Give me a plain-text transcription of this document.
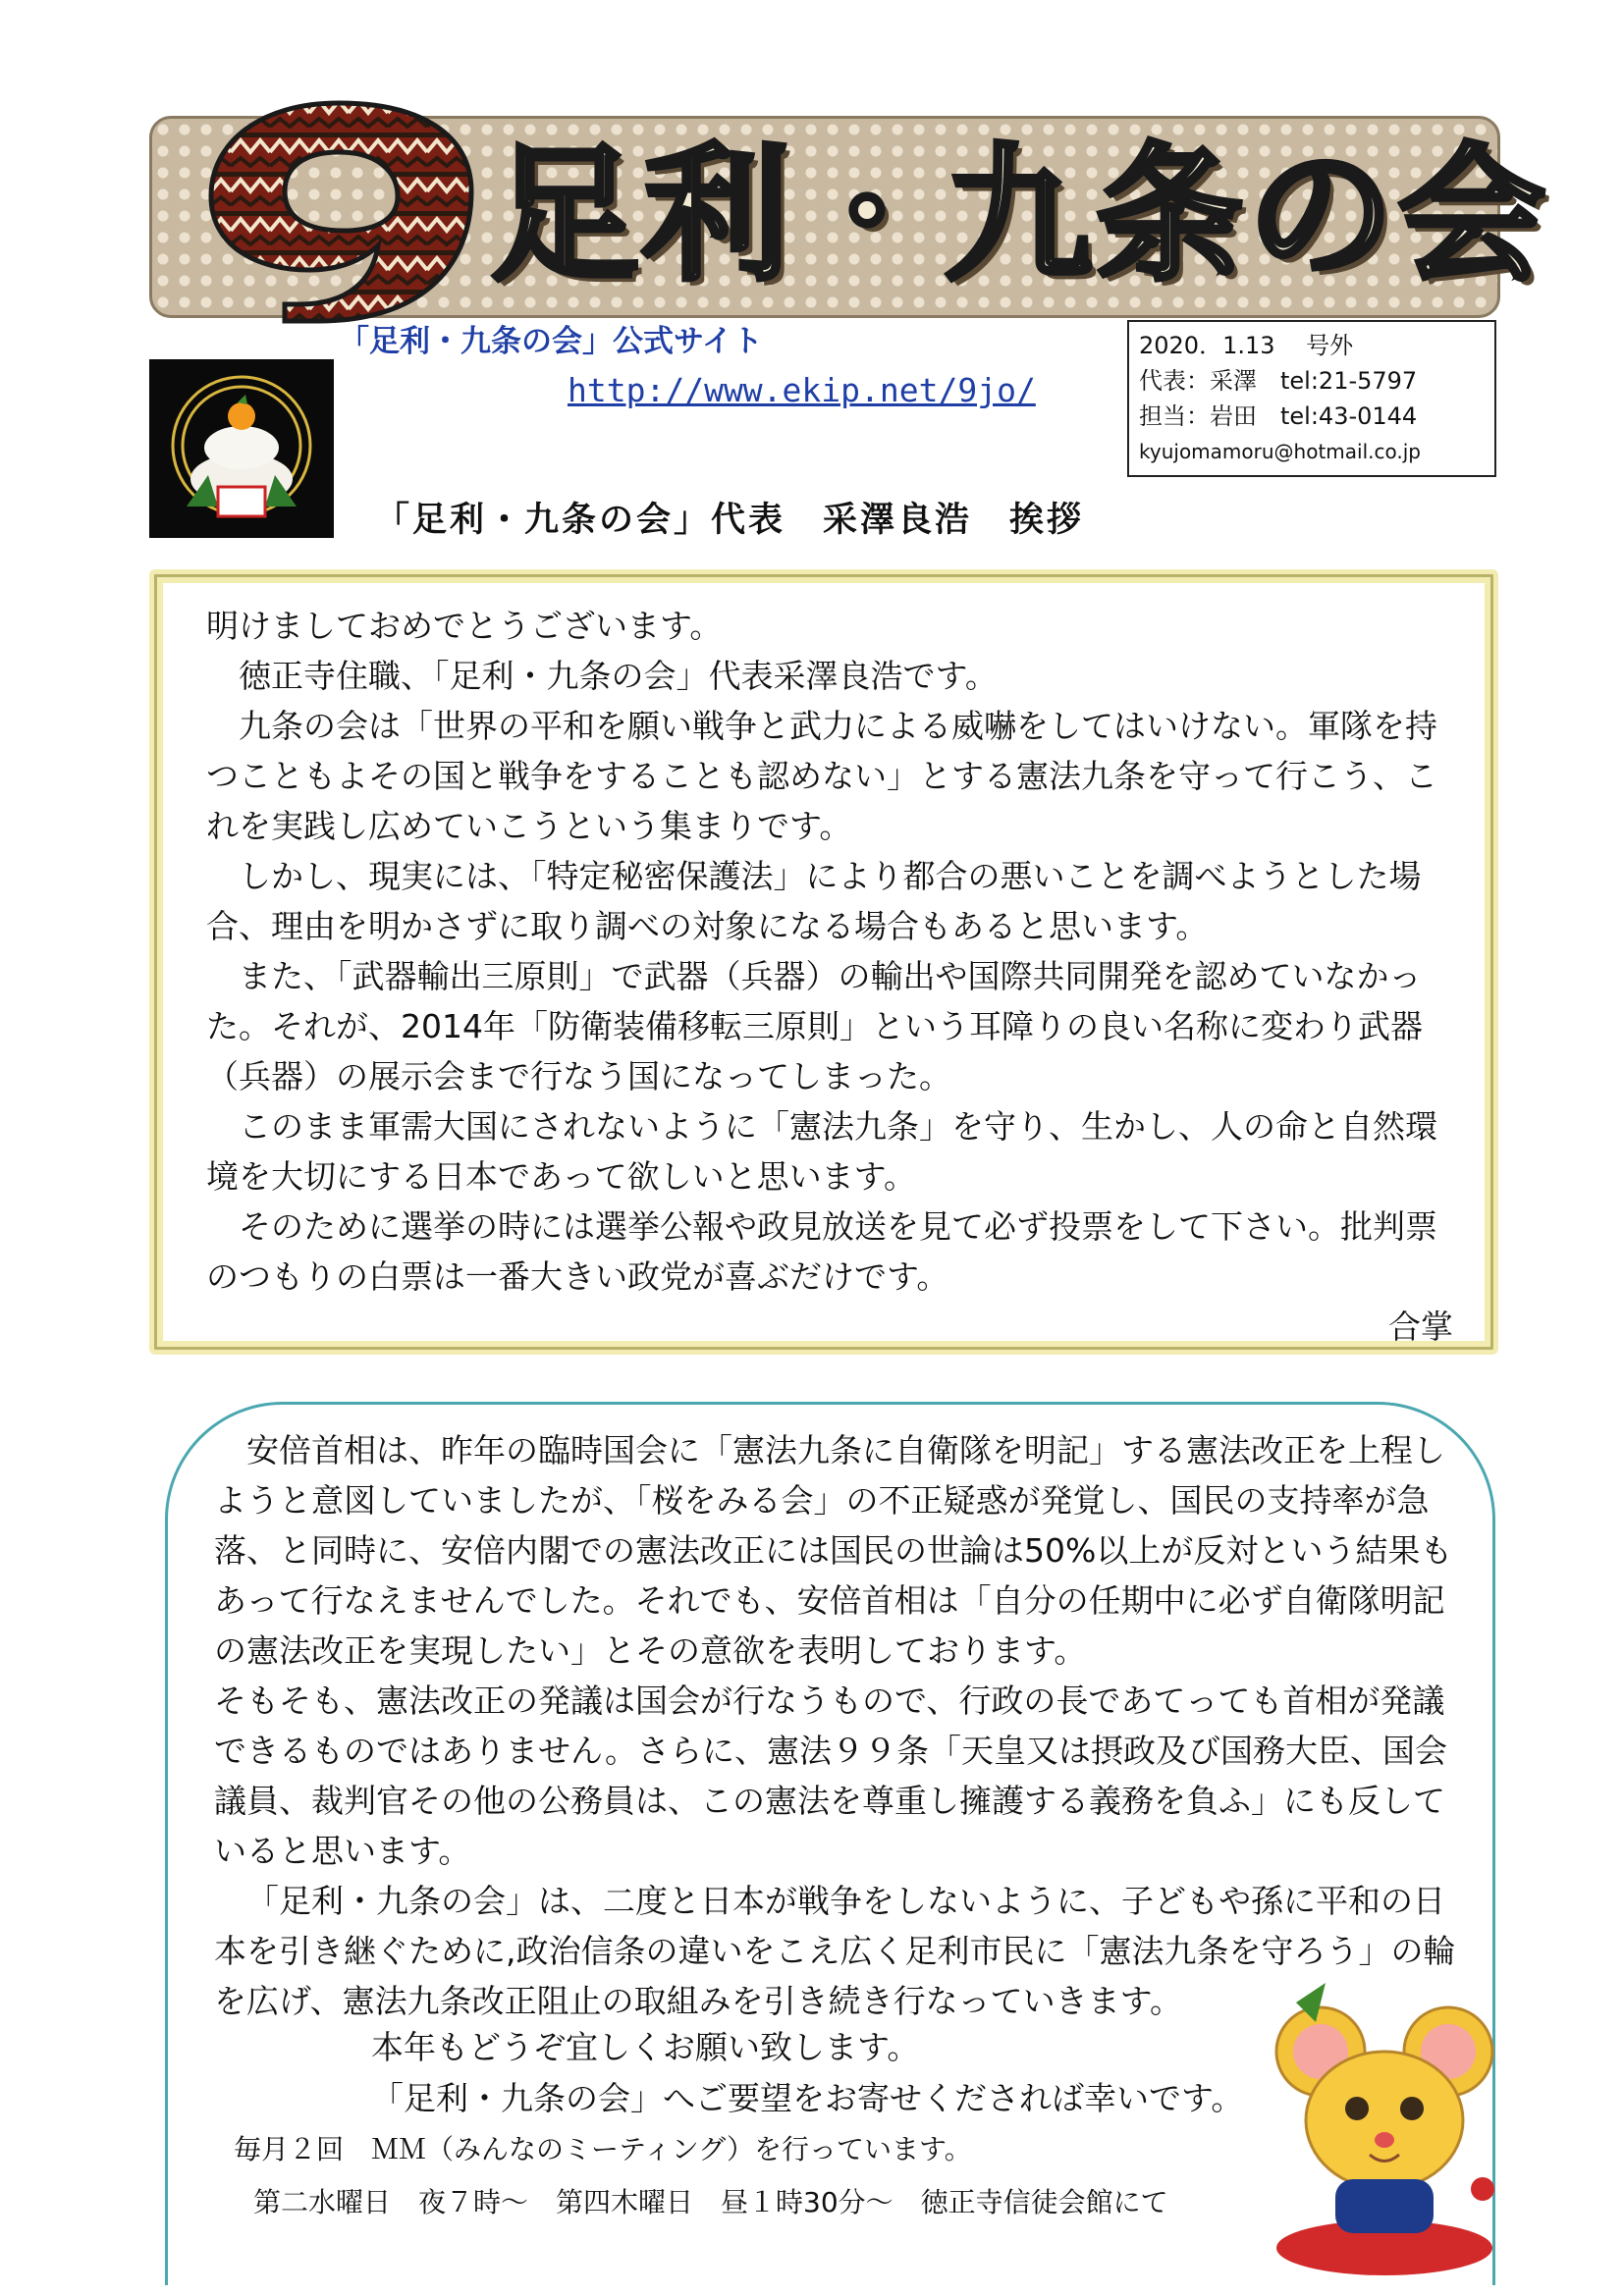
足利・九条の会
「足利・九条の会」公式サイト
http://www.ekip.net/9jo/
2020．1.13　 号外
代表：采澤　tel:21-5797
担当：岩田　tel:43-0144
kyujomamoru@hotmail.co.jp
「足利・九条の会」代表　采澤良浩　挨拶

明けましておめでとうございます。

徳正寺住職、「足利・九条の会」代表采澤良浩です。

九条の会は「世界の平和を願い戦争と武力による威嚇をしてはいけない。軍隊を持つこともよその国と戦争をすることも認めない」とする憲法九条を守って行こう、これを実践し広めていこうという集まりです。

しかし、現実には、「特定秘密保護法」により都合の悪いことを調べようとした場合、理由を明かさずに取り調べの対象になる場合もあると思います。

また、「武器輸出三原則」で武器（兵器）の輸出や国際共同開発を認めていなかった。それが、2014年「防衛装備移転三原則」という耳障りの良い名称に変わり武器（兵器）の展示会まで行なう国になってしまった。

このまま軍需大国にされないように「憲法九条」を守り、生かし、人の命と自然環境を大切にする日本であって欲しいと思います。

そのために選挙の時には選挙公報や政見放送を見て必ず投票をして下さい。批判票のつもりの白票は一番大きい政党が喜ぶだけです。

合掌

安倍首相は、昨年の臨時国会に「憲法九条に自衛隊を明記」する憲法改正を上程しようと意図していましたが、「桜をみる会」の不正疑惑が発覚し、国民の支持率が急落、と同時に、安倍内閣での憲法改正には国民の世論は50%以上が反対という結果もあって行なえませんでした。それでも、安倍首相は「自分の任期中に必ず自衛隊明記の憲法改正を実現したい」とその意欲を表明しております。

そもそも、憲法改正の発議は国会が行なうもので、行政の長であてっても首相が発議できるものではありません。さらに、憲法９９条「天皇又は摂政及び国務大臣、国会議員、裁判官その他の公務員は、この憲法を尊重し擁護する義務を負ふ」にも反していると思います。

「足利・九条の会」は、二度と日本が戦争をしないように、子どもや孫に平和の日本を引き継ぐために,政治信条の違いをこえ広く足利市民に「憲法九条を守ろう」の輪を広げ、憲法九条改正阻止の取組みを引き続き行なっていきます。

本年もどうぞ宜しくお願い致します。
「足利・九条の会」へご要望をお寄せくだされば幸いです。
毎月２回　ＭＭ（みんなのミーティング）を行っています。
第二水曜日　夜７時～　第四木曜日　昼１時30分～　徳正寺信徒会館にて
